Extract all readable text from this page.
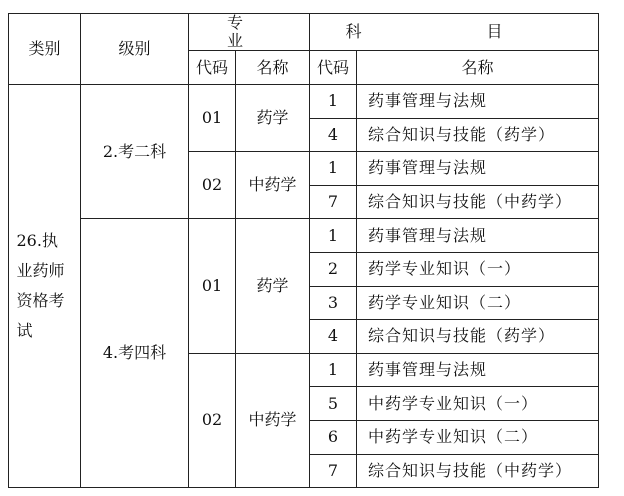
类别	级别	专 业		科 目	
		代码	名称	代码	名称
26.执业药师资格考试	2.考二科	01	药学	1	药事管理与法规
				4	综合知识与技能（药学）
		02	中药学	1	药事管理与法规
				7	综合知识与技能（中药学）
	4.考四科	01	药学	1	药事管理与法规
				2	药学专业知识（一）
				3	药学专业知识（二）
				4	综合知识与技能（药学）
		02	中药学	1	药事管理与法规
				5	中药学专业知识（一）
				6	中药学专业知识（二）
				7	综合知识与技能（中药学）
